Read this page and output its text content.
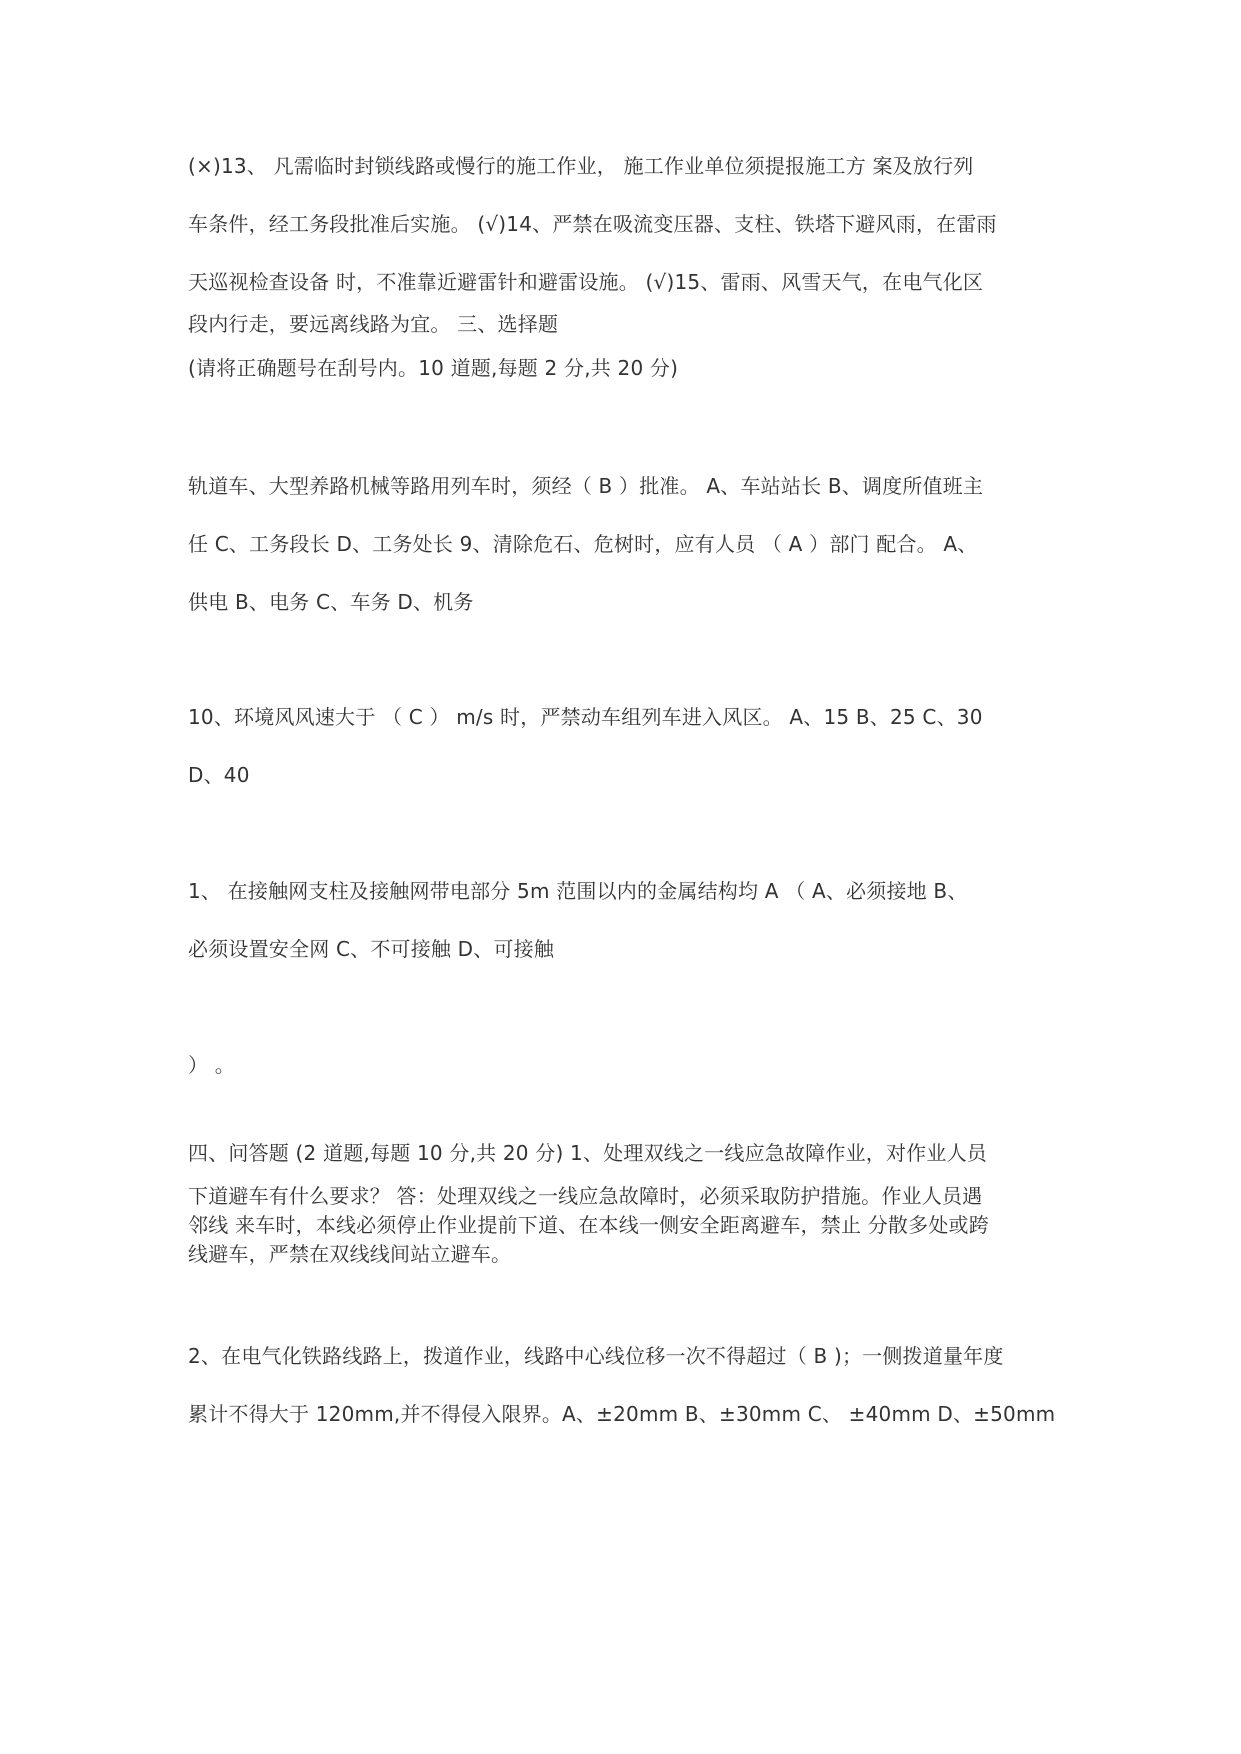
(×)13、 凡需临时封锁线路或慢行的施工作业， 施工作业单位须提报施工方 案及放行列
车条件，经工务段批准后实施。 (√)14、严禁在吸流变压器、支柱、铁塔下避风雨，在雷雨
天巡视检查设备 时，不准靠近避雷针和避雷设施。 (√)15、雷雨、风雪天气，在电气化区
段内行走，要远离线路为宜。 三、选择题
(请将正确题号在刮号内。10 道题,每题 2 分,共 20 分)
轨道车、大型养路机械等路用列车时，须经（ B ）批准。 A、车站站长 B、调度所值班主
任 C、工务段长 D、工务处长 9、清除危石、危树时，应有人员 （ A ）部门 配合。 A、
供电 B、电务 C、车务 D、机务
10、环境风风速大于 （ C ） m/s 时，严禁动车组列车进入风区。 A、15 B、25 C、30
D、40
1、 在接触网支柱及接触网带电部分 5m 范围以内的金属结构均 A （ A、必须接地 B、
必须设置安全网 C、不可接触 D、可接触
） 。
四、问答题 (2 道题,每题 10 分,共 20 分) 1、处理双线之一线应急故障作业，对作业人员
下道避车有什么要求？ 答：处理双线之一线应急故障时，必须采取防护措施。作业人员遇
邻线 来车时，本线必须停止作业提前下道、在本线一侧安全距离避车，禁止 分散多处或跨
线避车，严禁在双线线间站立避车。
2、在电气化铁路线路上，拨道作业，线路中心线位移一次不得超过（ B )；一侧拨道量年度
累计不得大于 120mm,并不得侵入限界。A、±20mm B、±30mm C、 ±40mm D、±50mm
